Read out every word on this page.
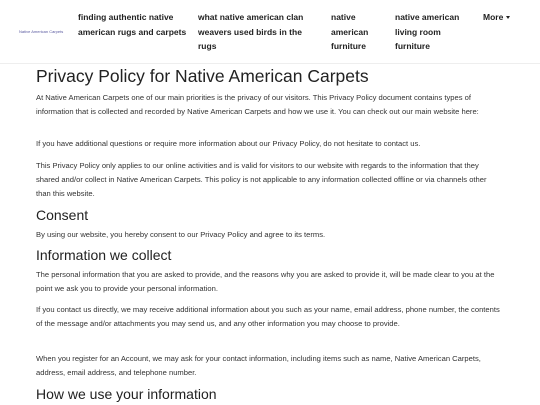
Native American Carpets
finding authentic native american rugs and carpets
what native american clan weavers used birds in the rugs
native american furniture
native american living room furniture
More
Privacy Policy for Native American Carpets

At Native American Carpets one of our main priorities is the privacy of our visitors. This Privacy Policy document contains types of information that is collected and recorded by Native American Carpets and how we use it. You can check out our main website here:

If you have additional questions or require more information about our Privacy Policy, do not hesitate to contact us.

This Privacy Policy only applies to our online activities and is valid for visitors to our website with regards to the information that they shared and/or collect in Native American Carpets. This policy is not applicable to any information collected offline or via channels other than this website.

Consent

By using our website, you hereby consent to our Privacy Policy and agree to its terms.

Information we collect

The personal information that you are asked to provide, and the reasons why you are asked to provide it, will be made clear to you at the point we ask you to provide your personal information.

If you contact us directly, we may receive additional information about you such as your name, email address, phone number, the contents of the message and/or attachments you may send us, and any other information you may choose to provide.

When you register for an Account, we may ask for your contact information, including items such as name, Native American Carpets, address, email address, and telephone number.

How we use your information
